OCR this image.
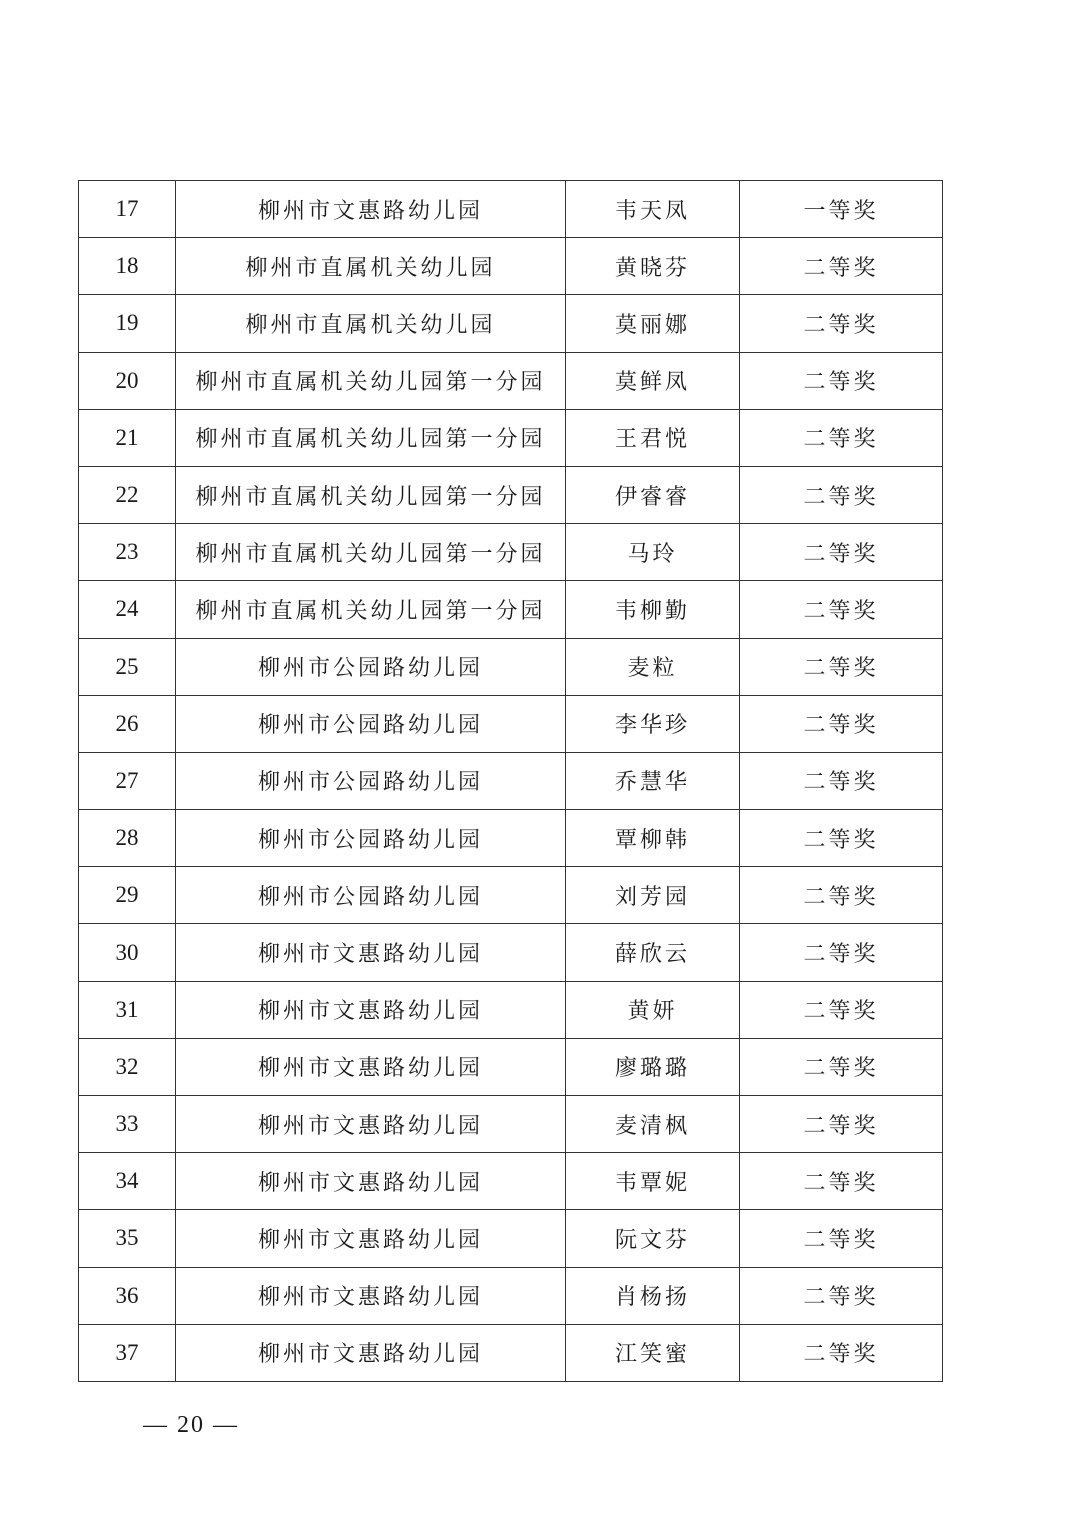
17	柳州市文惠路幼儿园	韦天凤	一等奖
18	柳州市直属机关幼儿园	黄晓芬	二等奖
19	柳州市直属机关幼儿园	莫丽娜	二等奖
20	柳州市直属机关幼儿园第一分园	莫鲜凤	二等奖
21	柳州市直属机关幼儿园第一分园	王君悦	二等奖
22	柳州市直属机关幼儿园第一分园	伊睿睿	二等奖
23	柳州市直属机关幼儿园第一分园	马玲	二等奖
24	柳州市直属机关幼儿园第一分园	韦柳勤	二等奖
25	柳州市公园路幼儿园	麦粒	二等奖
26	柳州市公园路幼儿园	李华珍	二等奖
27	柳州市公园路幼儿园	乔慧华	二等奖
28	柳州市公园路幼儿园	覃柳韩	二等奖
29	柳州市公园路幼儿园	刘芳园	二等奖
30	柳州市文惠路幼儿园	薛欣云	二等奖
31	柳州市文惠路幼儿园	黄妍	二等奖
32	柳州市文惠路幼儿园	廖璐璐	二等奖
33	柳州市文惠路幼儿园	麦清枫	二等奖
34	柳州市文惠路幼儿园	韦覃妮	二等奖
35	柳州市文惠路幼儿园	阮文芬	二等奖
36	柳州市文惠路幼儿园	肖杨扬	二等奖
37	柳州市文惠路幼儿园	江笑蜜	二等奖
— 20 —
